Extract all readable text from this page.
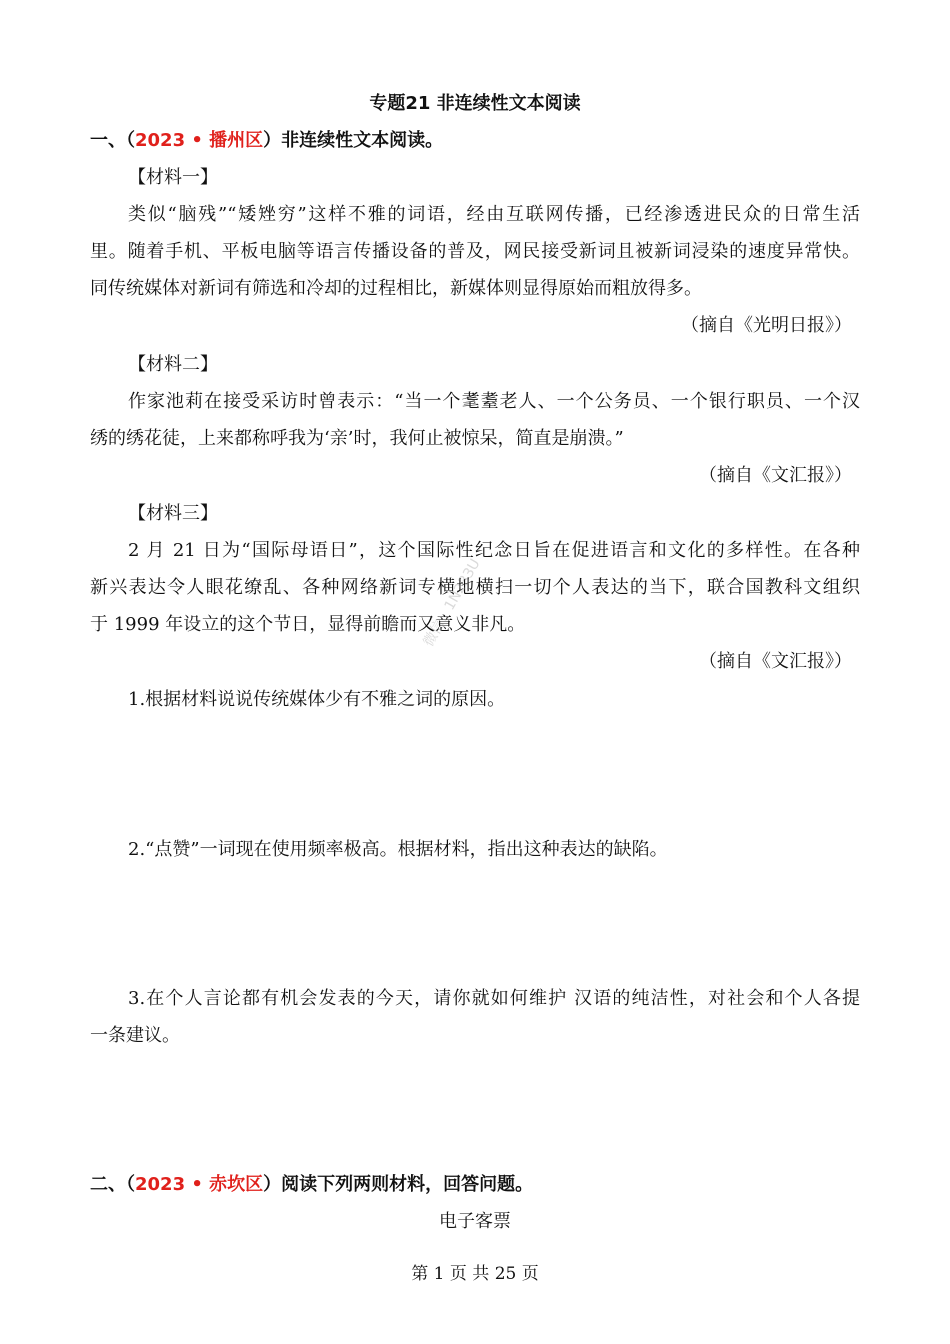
专题21 非连续性文本阅读
一、（2023 • 播州区）非连续性文本阅读。
【材料一】
类似“脑残”“矮矬穷”这样不雅的词语，经由互联网传播，已经渗透进民众的日常生活
里。随着手机、平板电脑等语言传播设备的普及，网民接受新词且被新词浸染的速度异常快。
同传统媒体对新词有筛选和冷却的过程相比，新媒体则显得原始而粗放得多。
（摘自《光明日报》）
【材料二】
作家池莉在接受采访时曾表示：“当一个耄耋老人、一个公务员、一个银行职员、一个汉
绣的绣花徒，上来都称呼我为‘亲’时，我何止被惊呆，简直是崩溃。”
（摘自《文汇报》）
【材料三】
2 月 21 日为“国际母语日”，这个国际性纪念日旨在促进语言和文化的多样性。在各种
新兴表达令人眼花缭乱、各种网络新词专横地横扫一切个人表达的当下，联合国教科文组织
于 1999 年设立的这个节日，显得前瞻而又意义非凡。
（摘自《文汇报》）
1.根据材料说说传统媒体少有不雅之词的原因。
2.“点赞”一词现在使用频率极高。根据材料，指出这种表达的缺陷。
3.在个人言论都有机会发表的今天，请你就如何维护 汉语的纯洁性，对社会和个人各提
一条建议。
二、（2023 • 赤坎区）阅读下列两则材料，回答问题。
电子客票
第 1 页 共 25 页
微信：1N233U
